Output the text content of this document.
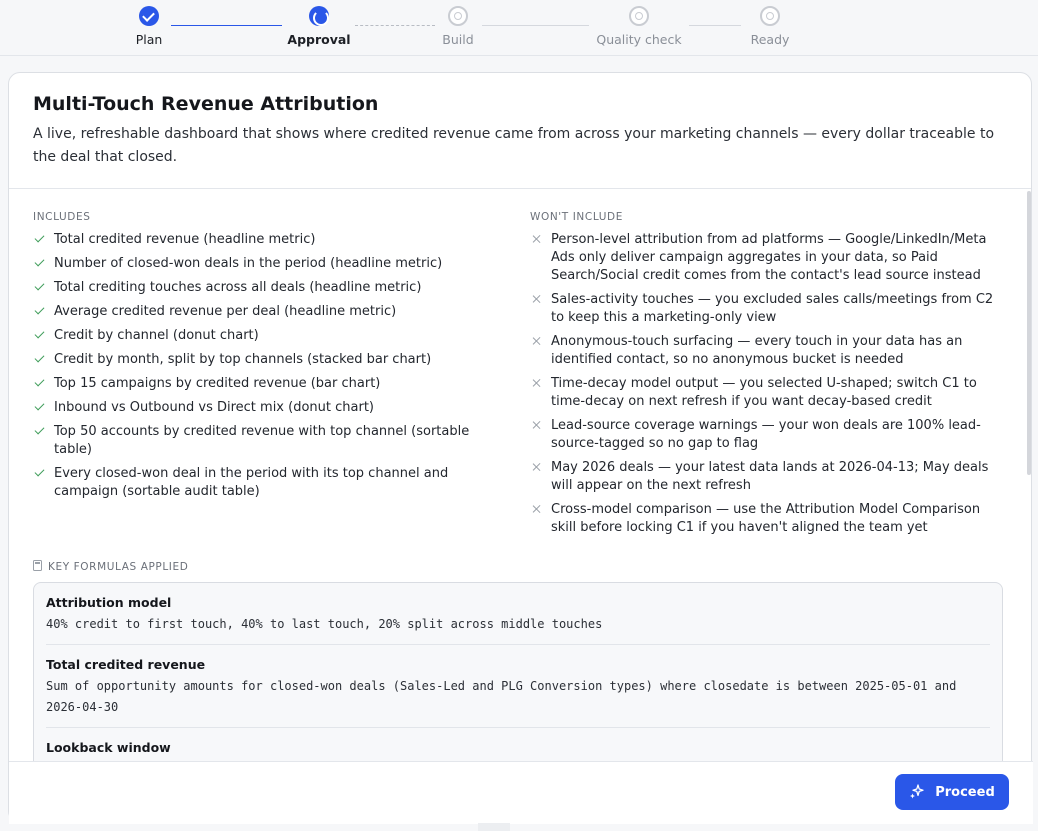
Plan	Approval	Build	Quality check	Ready
Multi-Touch Revenue Attribution
A live, refreshable dashboard that shows where credited revenue came from across your marketing channels — every dollar traceable to the deal that closed.
INCLUDES
Total credited revenue (headline metric)
Number of closed-won deals in the period (headline metric)
Total crediting touches across all deals (headline metric)
Average credited revenue per deal (headline metric)
Credit by channel (donut chart)
Credit by month, split by top channels (stacked bar chart)
Top 15 campaigns by credited revenue (bar chart)
Inbound vs Outbound vs Direct mix (donut chart)
Top 50 accounts by credited revenue with top channel (sortable table)
Every closed-won deal in the period with its top channel and campaign (sortable audit table)
WON'T INCLUDE
Person-level attribution from ad platforms — Google/LinkedIn/Meta Ads only deliver campaign aggregates in your data, so Paid Search/Social credit comes from the contact's lead source instead
Sales-activity touches — you excluded sales calls/meetings from C2 to keep this a marketing-only view
Anonymous-touch surfacing — every touch in your data has an identified contact, so no anonymous bucket is needed
Time-decay model output — you selected U-shaped; switch C1 to time-decay on next refresh if you want decay-based credit
Lead-source coverage warnings — your won deals are 100% lead-source-tagged so no gap to flag
May 2026 deals — your latest data lands at 2026-04-13; May deals will appear on the next refresh
Cross-model comparison — use the Attribution Model Comparison skill before locking C1 if you haven't aligned the team yet
KEY FORMULAS APPLIED
Attribution model
40% credit to first touch, 40% to last touch, 20% split across middle touches
Total credited revenue
Sum of opportunity amounts for closed-won deals (Sales-Led and PLG Conversion types) where closedate is between 2025-05-01 and 2026-04-30
Lookback window
Proceed
